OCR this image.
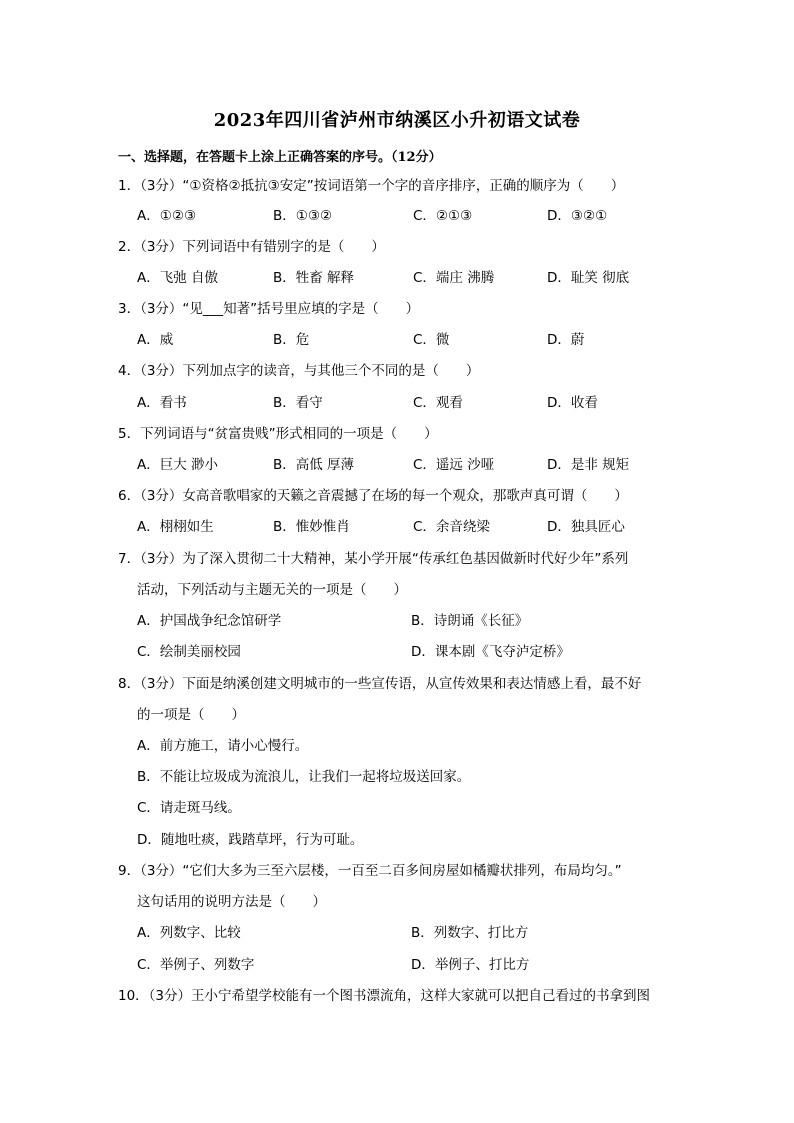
2023年四川省泸州市纳溪区小升初语文试卷
一、选择题，在答题卡上涂上正确答案的序号。（12分）
1．（3分）“①资格②抵抗③安定”按词语第一个字的音序排序，正确的顺序为（　　）
A．①②③	B．①③②	C．②①③	D．③②①
2．（3分）下列词语中有错别字的是（　　）
A．飞弛 自傲	B．牲畜 解释	C．端庄 沸腾	D．耻笑 彻底
3．（3分）“见___知著”括号里应填的字是（　　）
A．威	B．危	C．微	D．蔚
4．（3分）下列加点字的读音，与其他三个不同的是（　　）
A．看书	B．看守	C．观看	D．收看
5．下列词语与“贫富贵贱”形式相同的一项是（　　）
A．巨大 渺小	B．高低 厚薄	C．遥远 沙哑	D．是非 规矩
6．（3分）女高音歌唱家的天籁之音震撼了在场的每一个观众，那歌声真可谓（　　）
A．栩栩如生	B．惟妙惟肖	C．余音绕梁	D．独具匠心
7．（3分）为了深入贯彻二十大精神，某小学开展“传承红色基因做新时代好少年”系列
活动，下列活动与主题无关的一项是（　　）
A．护国战争纪念馆研学	B．诗朗诵《长征》
C．绘制美丽校园	D．课本剧《飞夺泸定桥》
8．（3分）下面是纳溪创建文明城市的一些宣传语，从宣传效果和表达情感上看，最不好
的一项是（　　）
A．前方施工，请小心慢行。
B．不能让垃圾成为流浪儿，让我们一起将垃圾送回家。
C．请走斑马线。
D．随地吐痰，践踏草坪，行为可耻。
9．（3分）“它们大多为三至六层楼，一百至二百多间房屋如橘瓣状排列，布局均匀。”
这句话用的说明方法是（　　）
A．列数字、比较	B．列数字、打比方
C．举例子、列数字	D．举例子、打比方
10．（3分）王小宁希望学校能有一个图书漂流角，这样大家就可以把自己看过的书拿到图
